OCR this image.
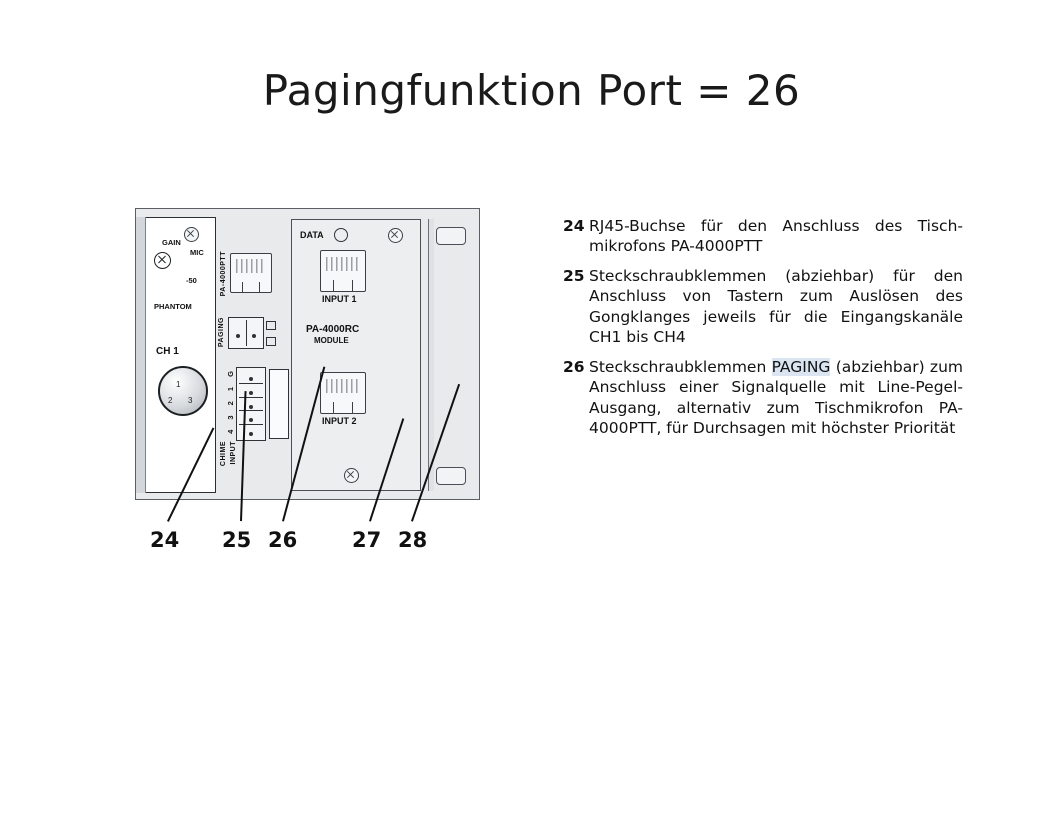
Pagingfunktion Port = 26
GAIN
MIC
-50
PHANTOM
CH 1
1
2 3
PA-4000PTT
PAGING
4 3 2 1 G
CHIME INPUT
DATA
INPUT 1
PA-4000RC
MODULE
INPUT 2
24 25 26	27 28
24 RJ45-Buchse für den Anschluss des Tisch-mikrofons PA-4000PTT
25 Steckschraubklemmen (abziehbar) für den Anschluss von Tastern zum Auslösen des Gongklanges jeweils für die Eingangskanäle CH1 bis CH4
26 Steckschraubklemmen PAGING (abziehbar) zum Anschluss einer Signalquelle mit Line-Pegel-Ausgang, alternativ zum Tischmikrofon PA-4000PTT, für Durchsagen mit höchster Priorität
